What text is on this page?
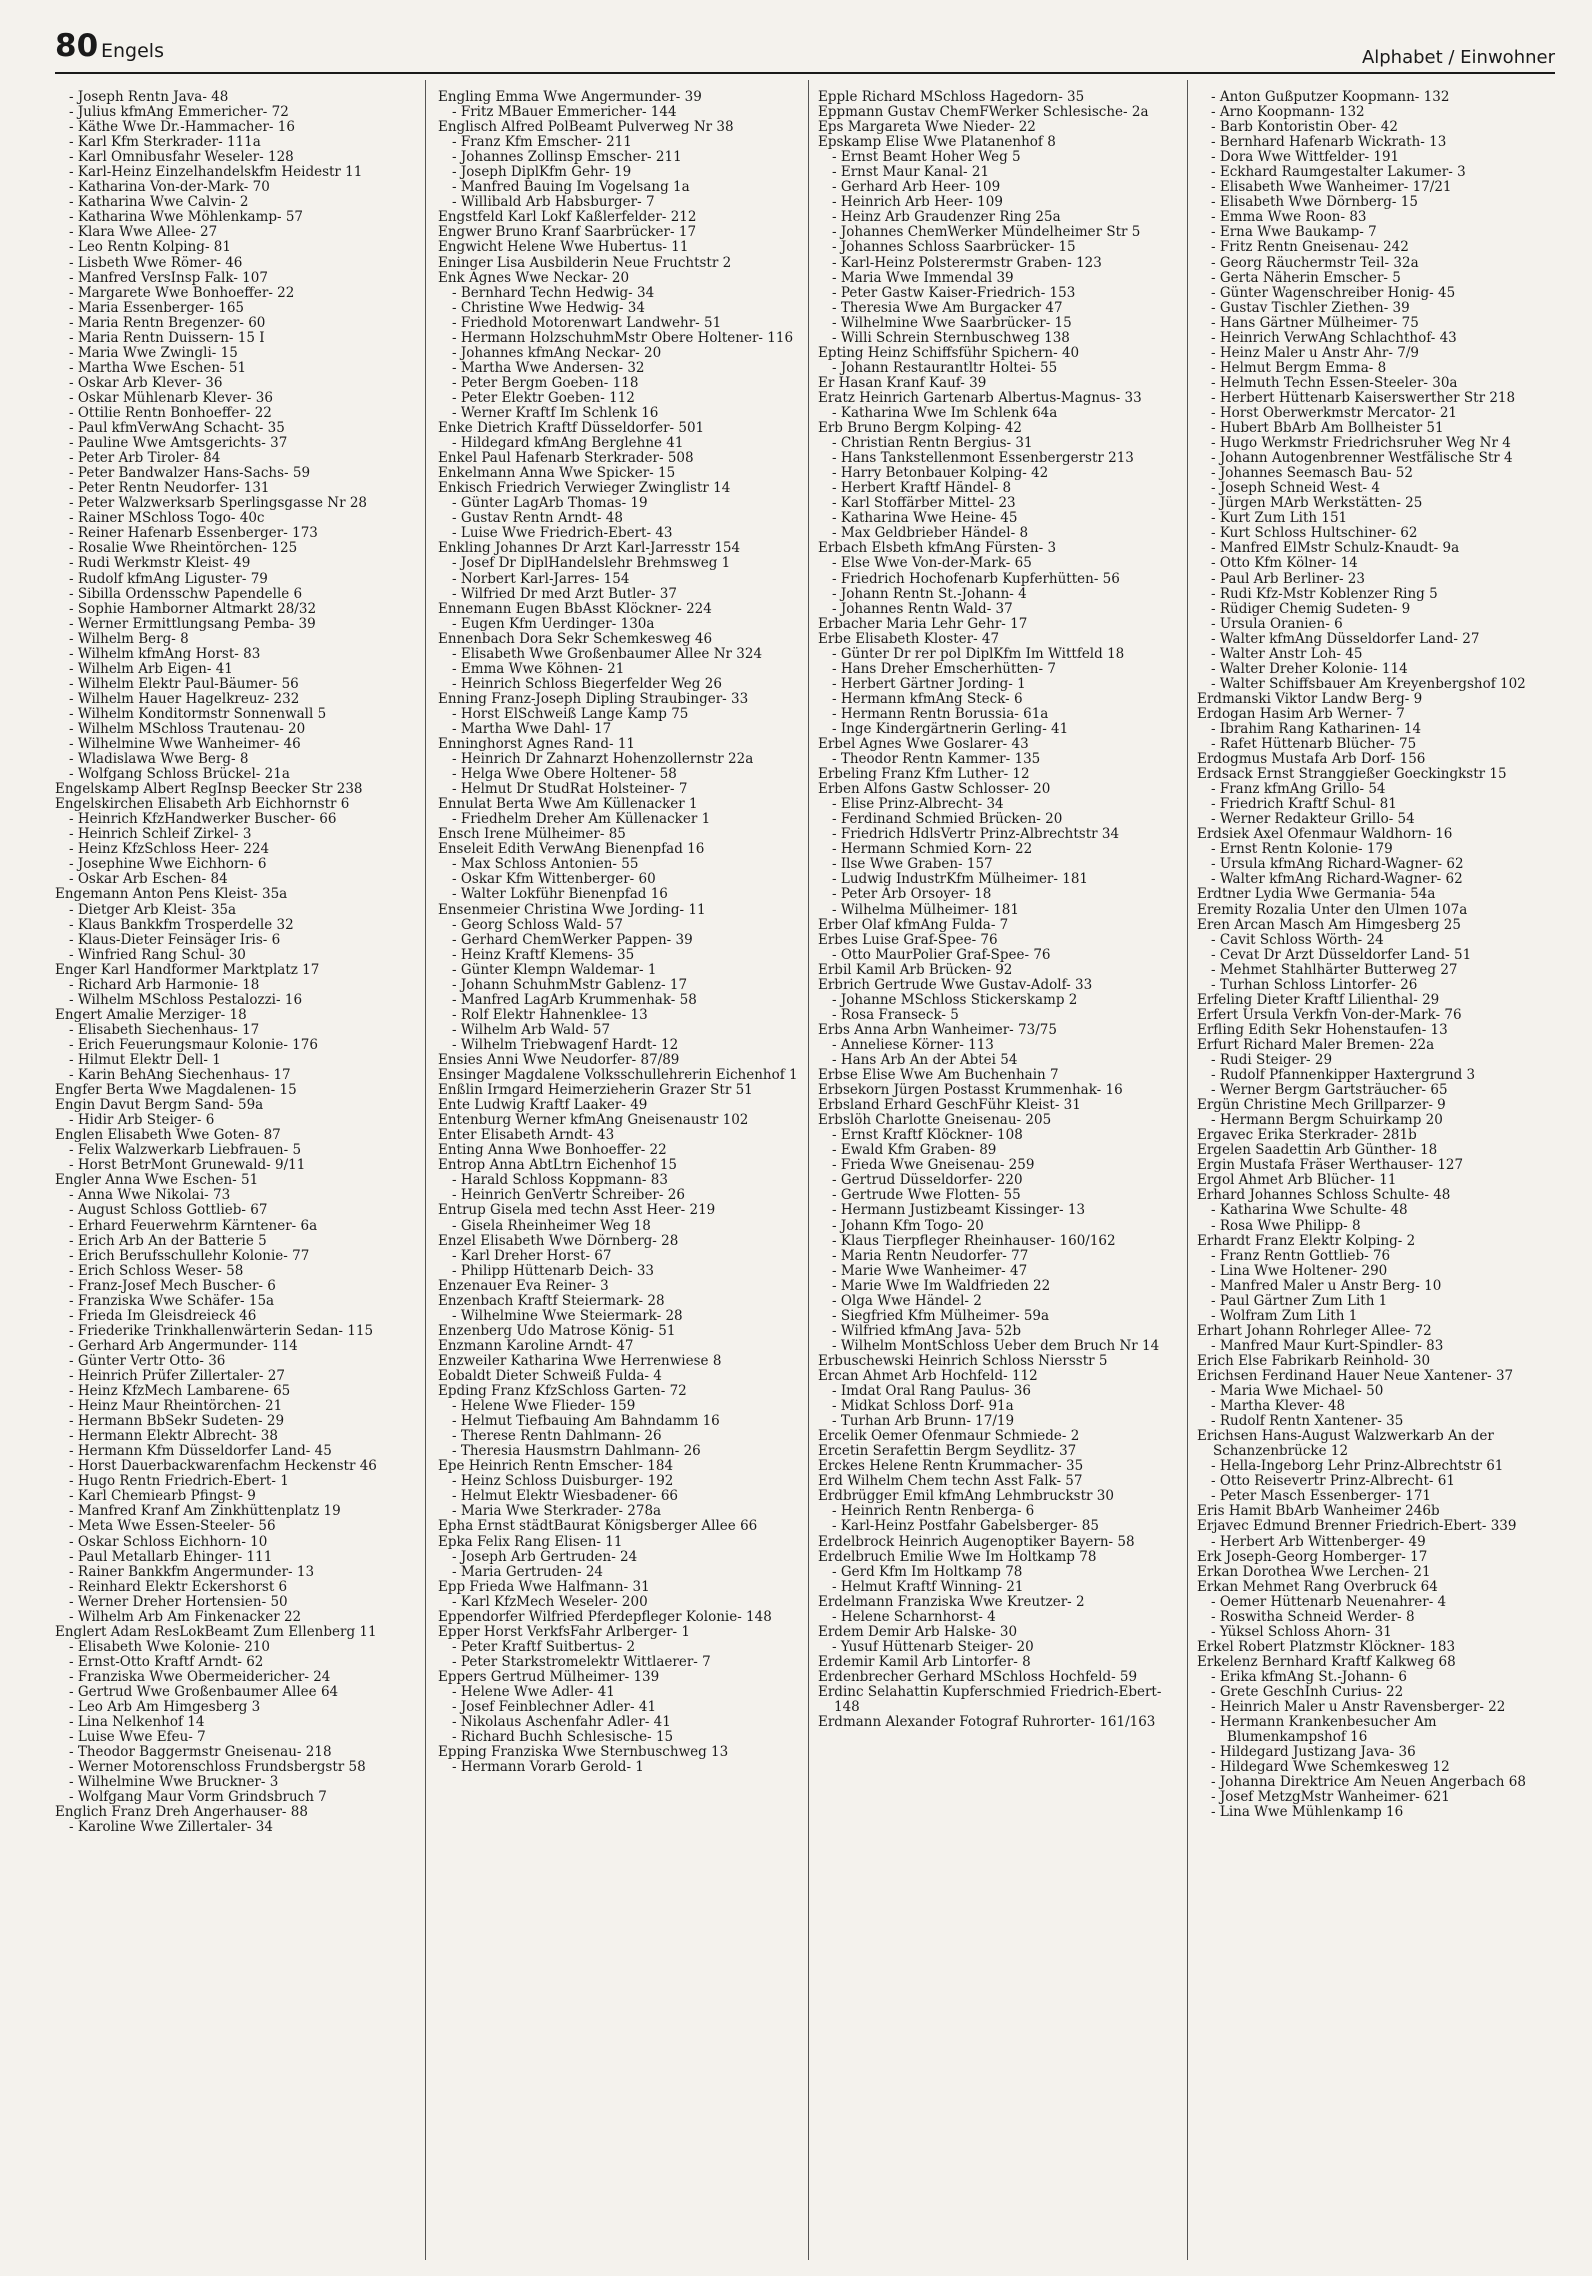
80 Engels	Alphabet / Einwohner

- Joseph Rentn Java- 48

- Julius kfmAng Emmericher- 72

- Käthe Wwe Dr.-Hammacher- 16

- Karl Kfm Sterkrader- 111a

- Karl Omnibusfahr Weseler- 128

- Karl-Heinz Einzelhandelskfm Heidestr 11

- Katharina Von-der-Mark- 70

- Katharina Wwe Calvin- 2

- Katharina Wwe Möhlenkamp- 57

- Klara Wwe Allee- 27

- Leo Rentn Kolping- 81

- Lisbeth Wwe Römer- 46

- Manfred VersInsp Falk- 107

- Margarete Wwe Bonhoeffer- 22

- Maria Essenberger- 165

- Maria Rentn Bregenzer- 60

- Maria Rentn Duissern- 15 I

- Maria Wwe Zwingli- 15

- Martha Wwe Eschen- 51

- Oskar Arb Klever- 36

- Oskar Mühlenarb Klever- 36

- Ottilie Rentn Bonhoeffer- 22

- Paul kfmVerwAng Schacht- 35

- Pauline Wwe Amtsgerichts- 37

- Peter Arb Tiroler- 84

- Peter Bandwalzer Hans-Sachs- 59

- Peter Rentn Neudorfer- 131

- Peter Walzwerksarb Sperlingsgasse Nr 28

- Rainer MSchloss Togo- 40c

- Reiner Hafenarb Essenberger- 173

- Rosalie Wwe Rheintörchen- 125

- Rudi Werkmstr Kleist- 49

- Rudolf kfmAng Liguster- 79

- Sibilla Ordensschw Papendelle 6

- Sophie Hamborner Altmarkt 28/32

- Werner Ermittlungsang Pemba- 39

- Wilhelm Berg- 8

- Wilhelm kfmAng Horst- 83

- Wilhelm Arb Eigen- 41

- Wilhelm Elektr Paul-Bäumer- 56

- Wilhelm Hauer Hagelkreuz- 232

- Wilhelm Konditormstr Sonnenwall 5

- Wilhelm MSchloss Trautenau- 20

- Wilhelmine Wwe Wanheimer- 46

- Wladislawa Wwe Berg- 8

- Wolfgang Schloss Brückel- 21a

Engelskamp Albert RegInsp Beecker Str 238

Engelskirchen Elisabeth Arb Eichhornstr 6

- Heinrich KfzHandwerker Buscher- 66

- Heinrich Schleif Zirkel- 3

- Heinz KfzSchloss Heer- 224

- Josephine Wwe Eichhorn- 6

- Oskar Arb Eschen- 84

Engemann Anton Pens Kleist- 35a

- Dietger Arb Kleist- 35a

- Klaus Bankkfm Trosperdelle 32

- Klaus-Dieter Feinsäger Iris- 6

- Winfried Rang Schul- 30

Enger Karl Handformer Marktplatz 17

- Richard Arb Harmonie- 18

- Wilhelm MSchloss Pestalozzi- 16

Engert Amalie Merziger- 18

- Elisabeth Siechenhaus- 17

- Erich Feuerungsmaur Kolonie- 176

- Hilmut Elektr Dell- 1

- Karin BehAng Siechenhaus- 17

Engfer Berta Wwe Magdalenen- 15

Engin Davut Bergm Sand- 59a

- Hidir Arb Steiger- 6

Englen Elisabeth Wwe Goten- 87

- Felix Walzwerkarb Liebfrauen- 5

- Horst BetrMont Grunewald- 9/11

Engler Anna Wwe Eschen- 51

- Anna Wwe Nikolai- 73

- August Schloss Gottlieb- 67

- Erhard Feuerwehrm Kärntener- 6a

- Erich Arb An der Batterie 5

- Erich Berufsschullehr Kolonie- 77

- Erich Schloss Weser- 58

- Franz-Josef Mech Buscher- 6

- Franziska Wwe Schäfer- 15a

- Frieda Im Gleisdreieck 46

- Friederike Trinkhallenwärterin Sedan- 115

- Gerhard Arb Angermunder- 114

- Günter Vertr Otto- 36

- Heinrich Prüfer Zillertaler- 27

- Heinz KfzMech Lambarene- 65

- Heinz Maur Rheintörchen- 21

- Hermann BbSekr Sudeten- 29

- Hermann Elektr Albrecht- 38

- Hermann Kfm Düsseldorfer Land- 45

- Horst Dauerbackwarenfachm Heckenstr 46

- Hugo Rentn Friedrich-Ebert- 1

- Karl Chemiearb Pfingst- 9

- Manfred Kranf Am Zinkhüttenplatz 19

- Meta Wwe Essen-Steeler- 56

- Oskar Schloss Eichhorn- 10

- Paul Metallarb Ehinger- 111

- Rainer Bankkfm Angermunder- 13

- Reinhard Elektr Eckershorst 6

- Werner Dreher Hortensien- 50

- Wilhelm Arb Am Finkenacker 22

Englert Adam ResLokBeamt Zum Ellenberg 11

- Elisabeth Wwe Kolonie- 210

- Ernst-Otto Kraftf Arndt- 62

- Franziska Wwe Obermeidericher- 24

- Gertrud Wwe Großenbaumer Allee 64

- Leo Arb Am Himgesberg 3

- Lina Nelkenhof 14

- Luise Wwe Efeu- 7

- Theodor Baggermstr Gneisenau- 218

- Werner Motorenschloss Frundsbergstr 58

- Wilhelmine Wwe Bruckner- 3

- Wolfgang Maur Vorm Grindsbruch 7

Englich Franz Dreh Angerhauser- 88

- Karoline Wwe Zillertaler- 34

Engling Emma Wwe Angermunder- 39

- Fritz MBauer Emmericher- 144

Englisch Alfred PolBeamt Pulverweg Nr 38

- Franz Kfm Emscher- 211

- Johannes Zollinsp Emscher- 211

- Joseph DiplKfm Gehr- 19

- Manfred Bauing Im Vogelsang 1a

- Willibald Arb Habsburger- 7

Engstfeld Karl Lokf Kaßlerfelder- 212

Engwer Bruno Kranf Saarbrücker- 17

Engwicht Helene Wwe Hubertus- 11

Eninger Lisa Ausbilderin Neue Fruchtstr 2

Enk Agnes Wwe Neckar- 20

- Bernhard Techn Hedwig- 34

- Christine Wwe Hedwig- 34

- Friedhold Motorenwart Landwehr- 51

- Hermann HolzschuhmMstr Obere Holtener- 116

- Johannes kfmAng Neckar- 20

- Martha Wwe Andersen- 32

- Peter Bergm Goeben- 118

- Peter Elektr Goeben- 112

- Werner Kraftf Im Schlenk 16

Enke Dietrich Kraftf Düsseldorfer- 501

- Hildegard kfmAng Berglehne 41

Enkel Paul Hafenarb Sterkrader- 508

Enkelmann Anna Wwe Spicker- 15

Enkisch Friedrich Verwieger Zwinglistr 14

- Günter LagArb Thomas- 19

- Gustav Rentn Arndt- 48

- Luise Wwe Friedrich-Ebert- 43

Enkling Johannes Dr Arzt Karl-Jarresstr 154

- Josef Dr DiplHandelslehr Brehmsweg 1

- Norbert Karl-Jarres- 154

- Wilfried Dr med Arzt Butler- 37

Ennemann Eugen BbAsst Klöckner- 224

- Eugen Kfm Uerdinger- 130a

Ennenbach Dora Sekr Schemkesweg 46

- Elisabeth Wwe Großenbaumer Allee Nr 324

- Emma Wwe Köhnen- 21

- Heinrich Schloss Biegerfelder Weg 26

Enning Franz-Joseph Dipling Straubinger- 33

- Horst ElSchweiß Lange Kamp 75

- Martha Wwe Dahl- 17

Enninghorst Agnes Rand- 11

- Heinrich Dr Zahnarzt Hohenzollernstr 22a

- Helga Wwe Obere Holtener- 58

- Helmut Dr StudRat Holsteiner- 7

Ennulat Berta Wwe Am Küllenacker 1

- Friedhelm Dreher Am Küllenacker 1

Ensch Irene Mülheimer- 85

Enseleit Edith VerwAng Bienenpfad 16

- Max Schloss Antonien- 55

- Oskar Kfm Wittenberger- 60

- Walter Lokführ Bienenpfad 16

Ensenmeier Christina Wwe Jording- 11

- Georg Schloss Wald- 57

- Gerhard ChemWerker Pappen- 39

- Heinz Kraftf Klemens- 35

- Günter Klempn Waldemar- 1

- Johann SchuhmMstr Gablenz- 17

- Manfred LagArb Krummenhak- 58

- Rolf Elektr Hahnenklee- 13

- Wilhelm Arb Wald- 57

- Wilhelm Triebwagenf Hardt- 12

Ensies Anni Wwe Neudorfer- 87/89

Ensinger Magdalene Volksschullehrerin Eichenhof 1

Enßlin Irmgard Heimerzieherin Grazer Str 51

Ente Ludwig Kraftf Laaker- 49

Entenburg Werner kfmAng Gneisenaustr 102

Enter Elisabeth Arndt- 43

Enting Anna Wwe Bonhoeffer- 22

Entrop Anna AbtLtrn Eichenhof 15

- Harald Schloss Koppmann- 83

- Heinrich GenVertr Schreiber- 26

Entrup Gisela med techn Asst Heer- 219

- Gisela Rheinheimer Weg 18

Enzel Elisabeth Wwe Dörnberg- 28

- Karl Dreher Horst- 67

- Philipp Hüttenarb Deich- 33

Enzenauer Eva Reiner- 3

Enzenbach Kraftf Steiermark- 28

- Wilhelmine Wwe Steiermark- 28

Enzenberg Udo Matrose König- 51

Enzmann Karoline Arndt- 47

Enzweiler Katharina Wwe Herrenwiese 8

Eobaldt Dieter Schweiß Fulda- 4

Epding Franz KfzSchloss Garten- 72

- Helene Wwe Flieder- 159

- Helmut Tiefbauing Am Bahndamm 16

- Therese Rentn Dahlmann- 26

- Theresia Hausmstrn Dahlmann- 26

Epe Heinrich Rentn Emscher- 184

- Heinz Schloss Duisburger- 192

- Helmut Elektr Wiesbadener- 66

- Maria Wwe Sterkrader- 278a

Epha Ernst städtBaurat Königsberger Allee 66

Epka Felix Rang Elisen- 11

- Joseph Arb Gertruden- 24

- Maria Gertruden- 24

Epp Frieda Wwe Halfmann- 31

- Karl KfzMech Weseler- 200

Eppendorfer Wilfried Pferdepfleger Kolonie- 148

Epper Horst VerkfsFahr Arlberger- 1

- Peter Kraftf Suitbertus- 2

- Peter Starkstromelektr Wittlaerer- 7

Eppers Gertrud Mülheimer- 139

- Helene Wwe Adler- 41

- Josef Feinblechner Adler- 41

- Nikolaus Aschenfahr Adler- 41

- Richard Buchh Schlesische- 15

Epping Franziska Wwe Sternbuschweg 13

- Hermann Vorarb Gerold- 1

Epple Richard MSchloss Hagedorn- 35

Eppmann Gustav ChemFWerker Schlesische- 2a

Eps Margareta Wwe Nieder- 22

Epskamp Elise Wwe Platanenhof 8

- Ernst Beamt Hoher Weg 5

- Ernst Maur Kanal- 21

- Gerhard Arb Heer- 109

- Heinrich Arb Heer- 109

- Heinz Arb Graudenzer Ring 25a

- Johannes ChemWerker Mündelheimer Str 5

- Johannes Schloss Saarbrücker- 15

- Karl-Heinz Polsterermstr Graben- 123

- Maria Wwe Immendal 39

- Peter Gastw Kaiser-Friedrich- 153

- Theresia Wwe Am Burgacker 47

- Wilhelmine Wwe Saarbrücker- 15

- Willi Schrein Sternbuschweg 138

Epting Heinz Schiffsführ Spichern- 40

- Johann Restaurantltr Holtei- 55

Er Hasan Kranf Kauf- 39

Eratz Heinrich Gartenarb Albertus-Magnus- 33

- Katharina Wwe Im Schlenk 64a

Erb Bruno Bergm Kolping- 42

- Christian Rentn Bergius- 31

- Hans Tankstellenmont Essenbergerstr 213

- Harry Betonbauer Kolping- 42

- Herbert Kraftf Händel- 8

- Karl Stoffärber Mittel- 23

- Katharina Wwe Heine- 45

- Max Geldbrieber Händel- 8

Erbach Elsbeth kfmAng Fürsten- 3

- Else Wwe Von-der-Mark- 65

- Friedrich Hochofenarb Kupferhütten- 56

- Johann Rentn St.-Johann- 4

- Johannes Rentn Wald- 37

Erbacher Maria Lehr Gehr- 17

Erbe Elisabeth Kloster- 47

- Günter Dr rer pol DiplKfm Im Wittfeld 18

- Hans Dreher Emscherhütten- 7

- Herbert Gärtner Jording- 1

- Hermann kfmAng Steck- 6

- Hermann Rentn Borussia- 61a

- Inge Kindergärtnerin Gerling- 41

Erbel Agnes Wwe Goslarer- 43

- Theodor Rentn Kammer- 135

Erbeling Franz Kfm Luther- 12

Erben Alfons Gastw Schlosser- 20

- Elise Prinz-Albrecht- 34

- Ferdinand Schmied Brücken- 20

- Friedrich HdlsVertr Prinz-Albrechtstr 34

- Hermann Schmied Korn- 22

- Ilse Wwe Graben- 157

- Ludwig IndustrKfm Mülheimer- 181

- Peter Arb Orsoyer- 18

- Wilhelma Mülheimer- 181

Erber Olaf kfmAng Fulda- 7

Erbes Luise Graf-Spee- 76

- Otto MaurPolier Graf-Spee- 76

Erbil Kamil Arb Brücken- 92

Erbrich Gertrude Wwe Gustav-Adolf- 33

- Johanne MSchloss Stickerskamp 2

- Rosa Franseck- 5

Erbs Anna Arbn Wanheimer- 73/75

- Anneliese Körner- 113

- Hans Arb An der Abtei 54

Erbse Elise Wwe Am Buchenhain 7

Erbsekorn Jürgen Postasst Krummenhak- 16

Erbsland Erhard GeschFühr Kleist- 31

Erbslöh Charlotte Gneisenau- 205

- Ernst Kraftf Klöckner- 108

- Ewald Kfm Graben- 89

- Frieda Wwe Gneisenau- 259

- Gertrud Düsseldorfer- 220

- Gertrude Wwe Flotten- 55

- Hermann Justizbeamt Kissinger- 13

- Johann Kfm Togo- 20

- Klaus Tierpfleger Rheinhauser- 160/162

- Maria Rentn Neudorfer- 77

- Marie Wwe Wanheimer- 47

- Marie Wwe Im Waldfrieden 22

- Olga Wwe Händel- 2

- Siegfried Kfm Mülheimer- 59a

- Wilfried kfmAng Java- 52b

- Wilhelm MontSchloss Ueber dem Bruch Nr 14

Erbuschewski Heinrich Schloss Niersstr 5

Ercan Ahmet Arb Hochfeld- 112

- Imdat Oral Rang Paulus- 36

- Midkat Schloss Dorf- 91a

- Turhan Arb Brunn- 17/19

Ercelik Oemer Ofenmaur Schmiede- 2

Ercetin Serafettin Bergm Seydlitz- 37

Erckes Helene Rentn Krummacher- 35

Erd Wilhelm Chem techn Asst Falk- 57

Erdbrügger Emil kfmAng Lehmbruckstr 30

- Heinrich Rentn Renberga- 6

- Karl-Heinz Postfahr Gabelsberger- 85

Erdelbrock Heinrich Augenoptiker Bayern- 58

Erdelbruch Emilie Wwe Im Holtkamp 78

- Gerd Kfm Im Holtkamp 78

- Helmut Kraftf Winning- 21

Erdelmann Franziska Wwe Kreutzer- 2

- Helene Scharnhorst- 4

Erdem Demir Arb Halske- 30

- Yusuf Hüttenarb Steiger- 20

Erdemir Kamil Arb Lintorfer- 8

Erdenbrecher Gerhard MSchloss Hochfeld- 59

Erdinc Selahattin Kupferschmied Friedrich-Ebert- 148

Erdmann Alexander Fotograf Ruhrorter- 161/163

- Anton Gußputzer Koopmann- 132

- Arno Koopmann- 132

- Barb Kontoristin Ober- 42

- Bernhard Hafenarb Wickrath- 13

- Dora Wwe Wittfelder- 191

- Eckhard Raumgestalter Lakumer- 3

- Elisabeth Wwe Wanheimer- 17/21

- Elisabeth Wwe Dörnberg- 15

- Emma Wwe Roon- 83

- Erna Wwe Baukamp- 7

- Fritz Rentn Gneisenau- 242

- Georg Räuchermstr Teil- 32a

- Gerta Näherin Emscher- 5

- Günter Wagenschreiber Honig- 45

- Gustav Tischler Ziethen- 39

- Hans Gärtner Mülheimer- 75

- Heinrich VerwAng Schlachthof- 43

- Heinz Maler u Anstr Ahr- 7/9

- Helmut Bergm Emma- 8

- Helmuth Techn Essen-Steeler- 30a

- Herbert Hüttenarb Kaiserswerther Str 218

- Horst Oberwerkmstr Mercator- 21

- Hubert BbArb Am Bollheister 51

- Hugo Werkmstr Friedrichsruher Weg Nr 4

- Johann Autogenbrenner Westfälische Str 4

- Johannes Seemasch Bau- 52

- Joseph Schneid West- 4

- Jürgen MArb Werkstätten- 25

- Kurt Zum Lith 151

- Kurt Schloss Hultschiner- 62

- Manfred ElMstr Schulz-Knaudt- 9a

- Otto Kfm Kölner- 14

- Paul Arb Berliner- 23

- Rudi Kfz-Mstr Koblenzer Ring 5

- Rüdiger Chemig Sudeten- 9

- Ursula Oranien- 6

- Walter kfmAng Düsseldorfer Land- 27

- Walter Anstr Loh- 45

- Walter Dreher Kolonie- 114

- Walter Schiffsbauer Am Kreyenbergshof 102

Erdmanski Viktor Landw Berg- 9

Erdogan Hasim Arb Werner- 7

- Ibrahim Rang Katharinen- 14

- Rafet Hüttenarb Blücher- 75

Erdogmus Mustafa Arb Dorf- 156

Erdsack Ernst Stranggießer Goeckingkstr 15

- Franz kfmAng Grillo- 54

- Friedrich Kraftf Schul- 81

- Werner Redakteur Grillo- 54

Erdsiek Axel Ofenmaur Waldhorn- 16

- Ernst Rentn Kolonie- 179

- Ursula kfmAng Richard-Wagner- 62

- Walter kfmAng Richard-Wagner- 62

Erdtner Lydia Wwe Germania- 54a

Eremity Rozalia Unter den Ulmen 107a

Eren Arcan Masch Am Himgesberg 25

- Cavit Schloss Wörth- 24

- Cevat Dr Arzt Düsseldorfer Land- 51

- Mehmet Stahlhärter Butterweg 27

- Turhan Schloss Lintorfer- 26

Erfeling Dieter Kraftf Lilienthal- 29

Erfert Ursula Verkfn Von-der-Mark- 76

Erfling Edith Sekr Hohenstaufen- 13

Erfurt Richard Maler Bremen- 22a

- Rudi Steiger- 29

- Rudolf Pfannenkipper Haxtergrund 3

- Werner Bergm Gartsträucher- 65

Ergün Christine Mech Grillparzer- 9

- Hermann Bergm Schuirkamp 20

Ergavec Erika Sterkrader- 281b

Ergelen Saadettin Arb Günther- 18

Ergin Mustafa Fräser Werthauser- 127

Ergol Ahmet Arb Blücher- 11

Erhard Johannes Schloss Schulte- 48

- Katharina Wwe Schulte- 48

- Rosa Wwe Philipp- 8

Erhardt Franz Elektr Kolping- 2

- Franz Rentn Gottlieb- 76

- Lina Wwe Holtener- 290

- Manfred Maler u Anstr Berg- 10

- Paul Gärtner Zum Lith 1

- Wolfram Zum Lith 1

Erhart Johann Rohrleger Allee- 72

- Manfred Maur Kurt-Spindler- 83

Erich Else Fabrikarb Reinhold- 30

Erichsen Ferdinand Hauer Neue Xantener- 37

- Maria Wwe Michael- 50

- Martha Klever- 48

- Rudolf Rentn Xantener- 35

Erichsen Hans-August Walzwerkarb An der Schanzenbrücke 12

- Hella-Ingeborg Lehr Prinz-Albrechtstr 61

- Otto Reisevertr Prinz-Albrecht- 61

- Peter Masch Essenberger- 171

Eris Hamit BbArb Wanheimer 246b

Erjavec Edmund Brenner Friedrich-Ebert- 339

- Herbert Arb Wittenberger- 49

Erk Joseph-Georg Homberger- 17

Erkan Dorothea Wwe Lerchen- 21

Erkan Mehmet Rang Overbruck 64

- Oemer Hüttenarb Neuenahrer- 4

- Roswitha Schneid Werder- 8

- Yüksel Schloss Ahorn- 31

Erkel Robert Platzmstr Klöckner- 183

Erkelenz Bernhard Kraftf Kalkweg 68

- Erika kfmAng St.-Johann- 6

- Grete GeschInh Curius- 22

- Heinrich Maler u Anstr Ravensberger- 22

- Hermann Krankenbesucher Am Blumenkampshof 16

- Hildegard Justizang Java- 36

- Hildegard Wwe Schemkesweg 12

- Johanna Direktrice Am Neuen Angerbach 68

- Josef MetzgMstr Wanheimer- 621

- Lina Wwe Mühlenkamp 16
